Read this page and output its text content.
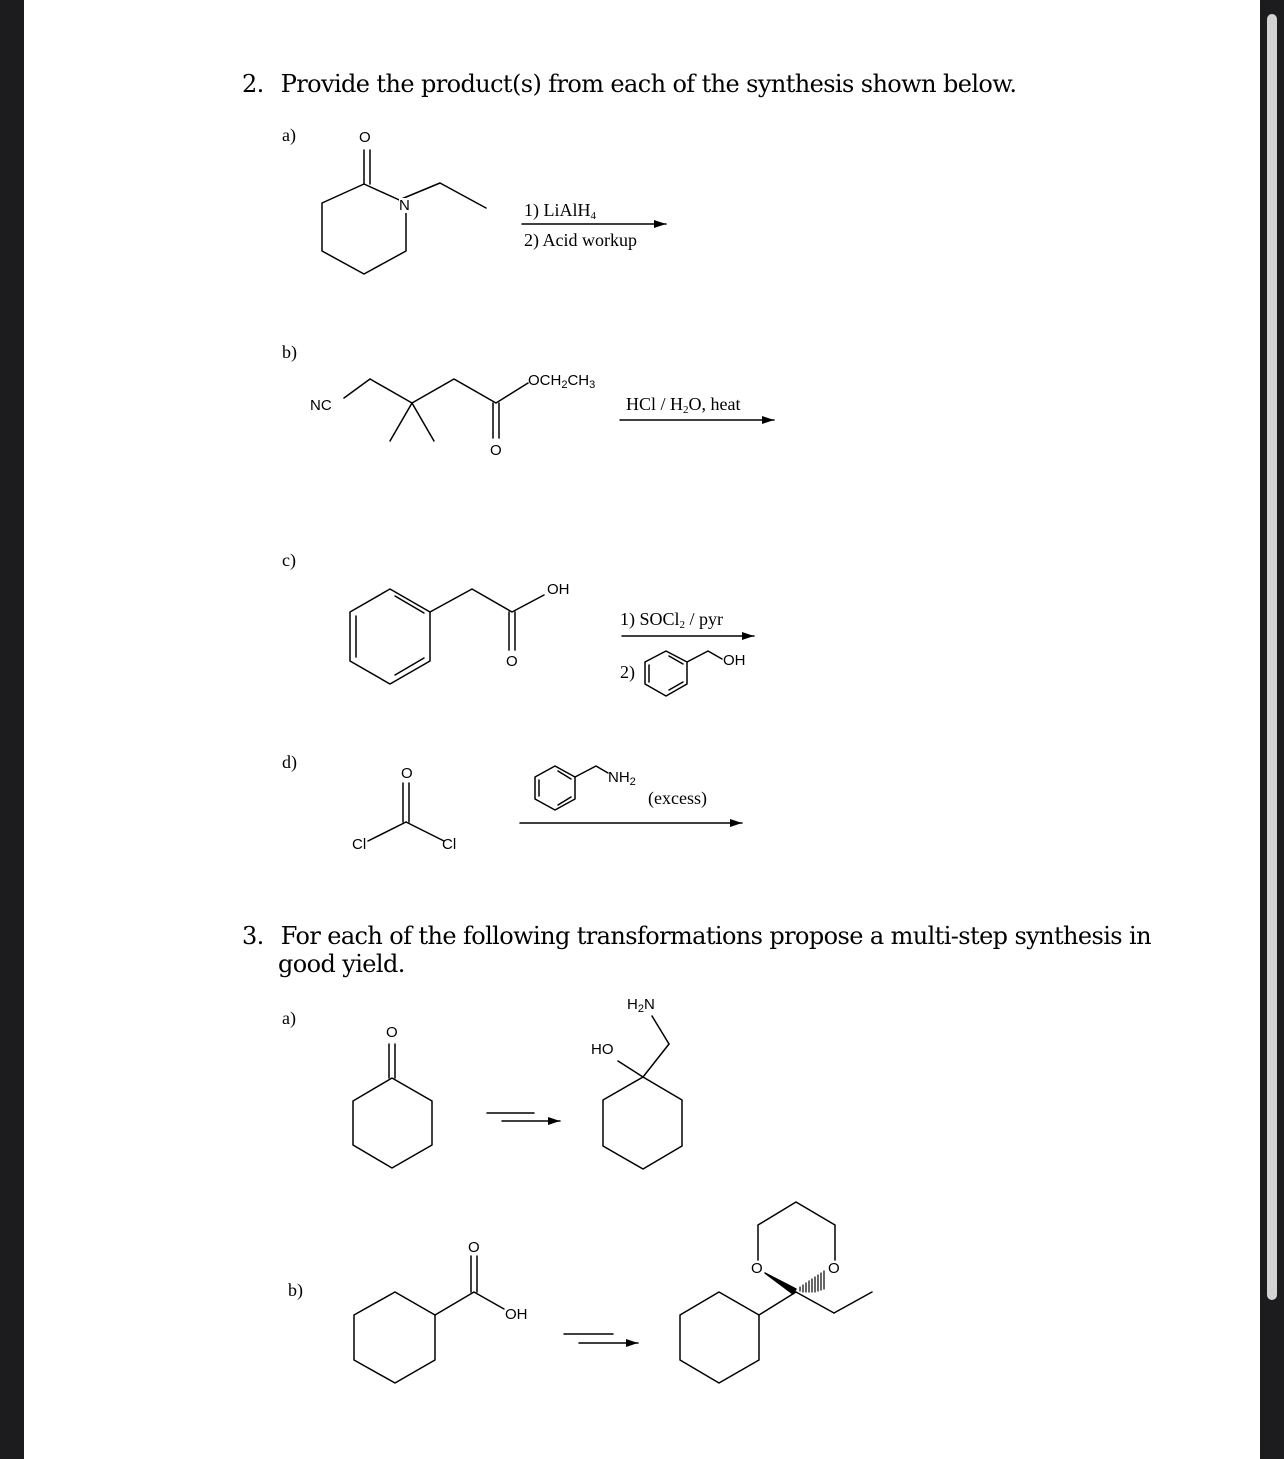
2. Provide the product(s) from each of the synthesis shown below.
a)	O
N	1) LiAlH$_4$
2) Acid workup
b)
NC
O
$OCH_2CH_3$
HCl / $H_2O$, heat
c)
OH
O
1) SOCl$_2$ / pyr
2)
OH
d)
O
Cl	Cl
$NH_2$
(excess)
3. For each of the following transformations propose a multi-step synthesis in
good yield.
a)
O
HO
$H_2N$
b)
O
OH
O	O
